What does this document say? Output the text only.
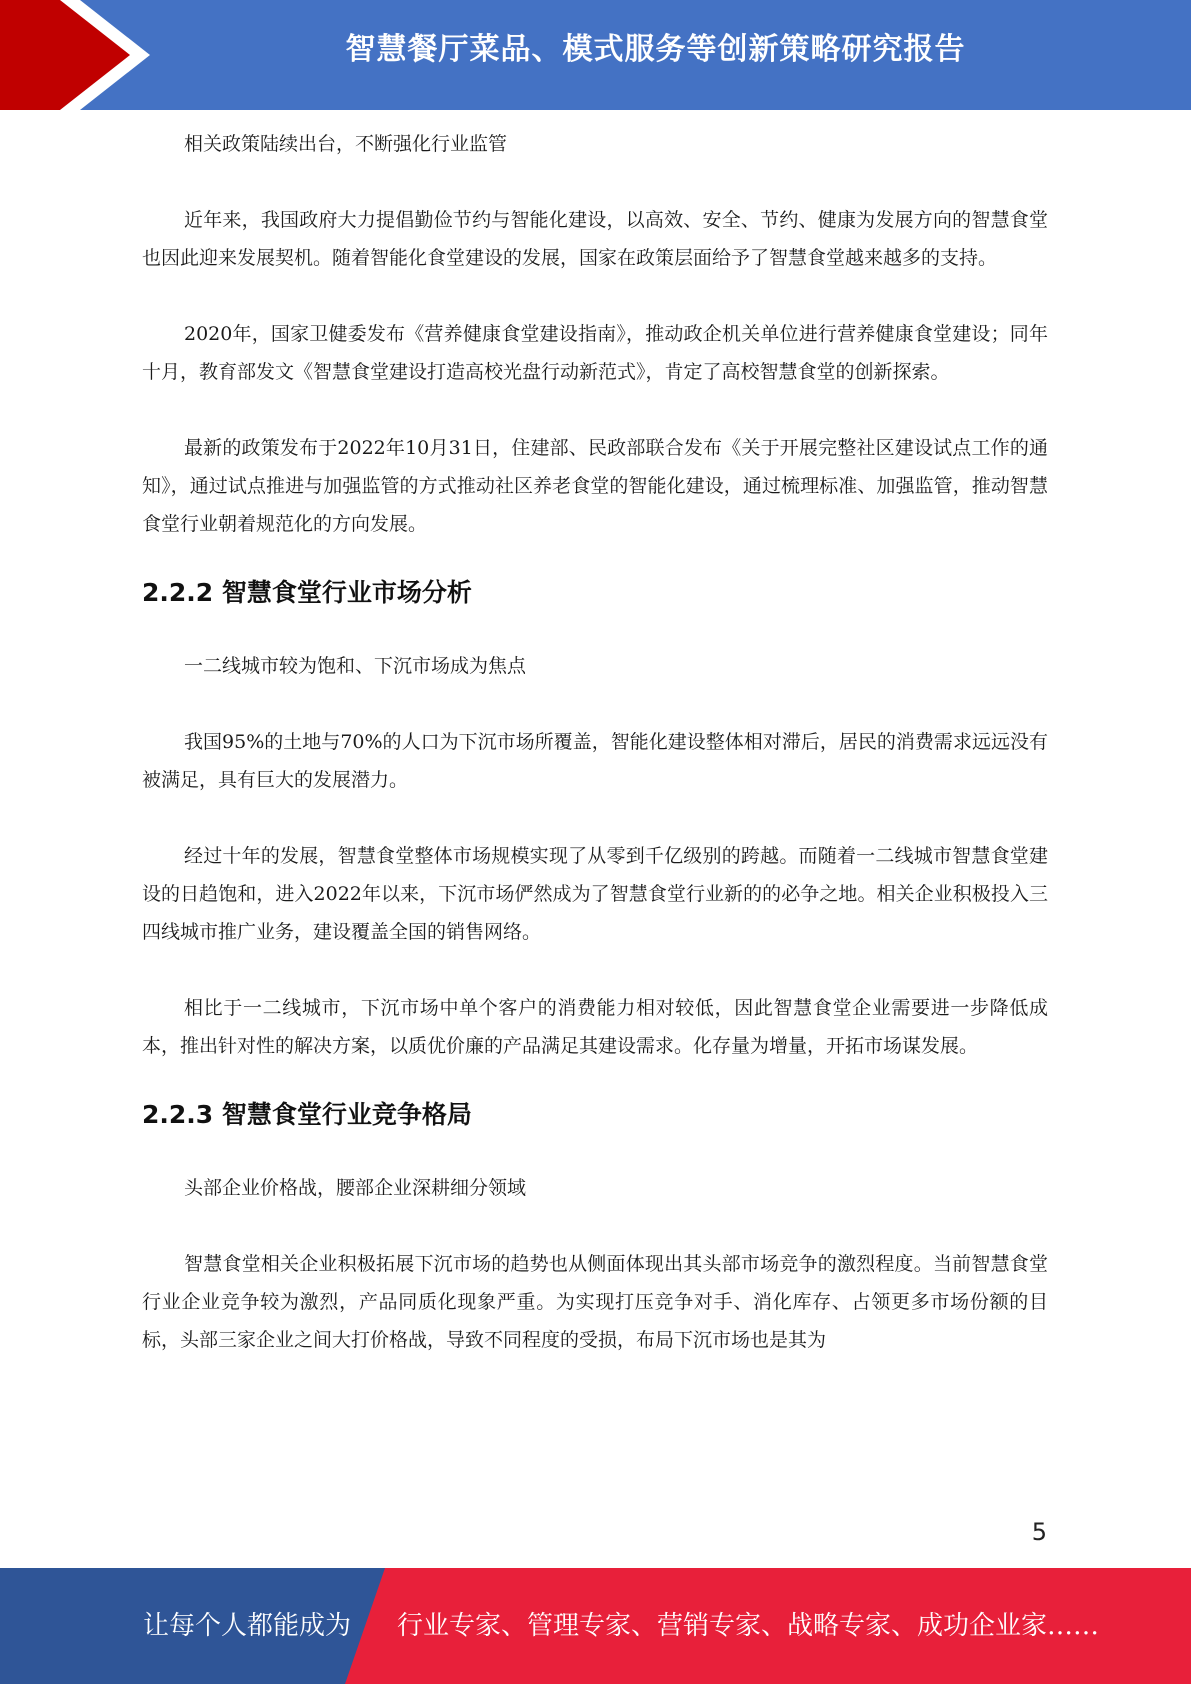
智慧餐厅菜品、模式服务等创新策略研究报告

相关政策陆续出台，不断强化行业监管

近年来，我国政府大力提倡勤俭节约与智能化建设，以高效、安全、节约、健康为发展方向的智慧食堂也因此迎来发展契机。随着智能化食堂建设的发展，国家在政策层面给予了智慧食堂越来越多的支持。

2020年，国家卫健委发布《营养健康食堂建设指南》，推动政企机关单位进行营养健康食堂建设；同年十月，教育部发文《智慧食堂建设打造高校光盘行动新范式》，肯定了高校智慧食堂的创新探索。

最新的政策发布于2022年10月31日，住建部、民政部联合发布《关于开展完整社区建设试点工作的通知》，通过试点推进与加强监管的方式推动社区养老食堂的智能化建设，通过梳理标准、加强监管，推动智慧食堂行业朝着规范化的方向发展。

2.2.2 智慧食堂行业市场分析

一二线城市较为饱和、下沉市场成为焦点

我国95%的土地与70%的人口为下沉市场所覆盖，智能化建设整体相对滞后，居民的消费需求远远没有被满足，具有巨大的发展潜力。

经过十年的发展，智慧食堂整体市场规模实现了从零到千亿级别的跨越。而随着一二线城市智慧食堂建设的日趋饱和，进入2022年以来，下沉市场俨然成为了智慧食堂行业新的的必争之地。相关企业积极投入三四线城市推广业务，建设覆盖全国的销售网络。

相比于一二线城市，下沉市场中单个客户的消费能力相对较低，因此智慧食堂企业需要进一步降低成本，推出针对性的解决方案，以质优价廉的产品满足其建设需求。化存量为增量，开拓市场谋发展。

2.2.3 智慧食堂行业竞争格局

头部企业价格战，腰部企业深耕细分领域

智慧食堂相关企业积极拓展下沉市场的趋势也从侧面体现出其头部市场竞争的激烈程度。当前智慧食堂行业企业竞争较为激烈，产品同质化现象严重。为实现打压竞争对手、消化库存、占领更多市场份额的目标，头部三家企业之间大打价格战，导致不同程度的受损，布局下沉市场也是其为

5
让每个人都能成为 行业专家、管理专家、营销专家、战略专家、成功企业家……
